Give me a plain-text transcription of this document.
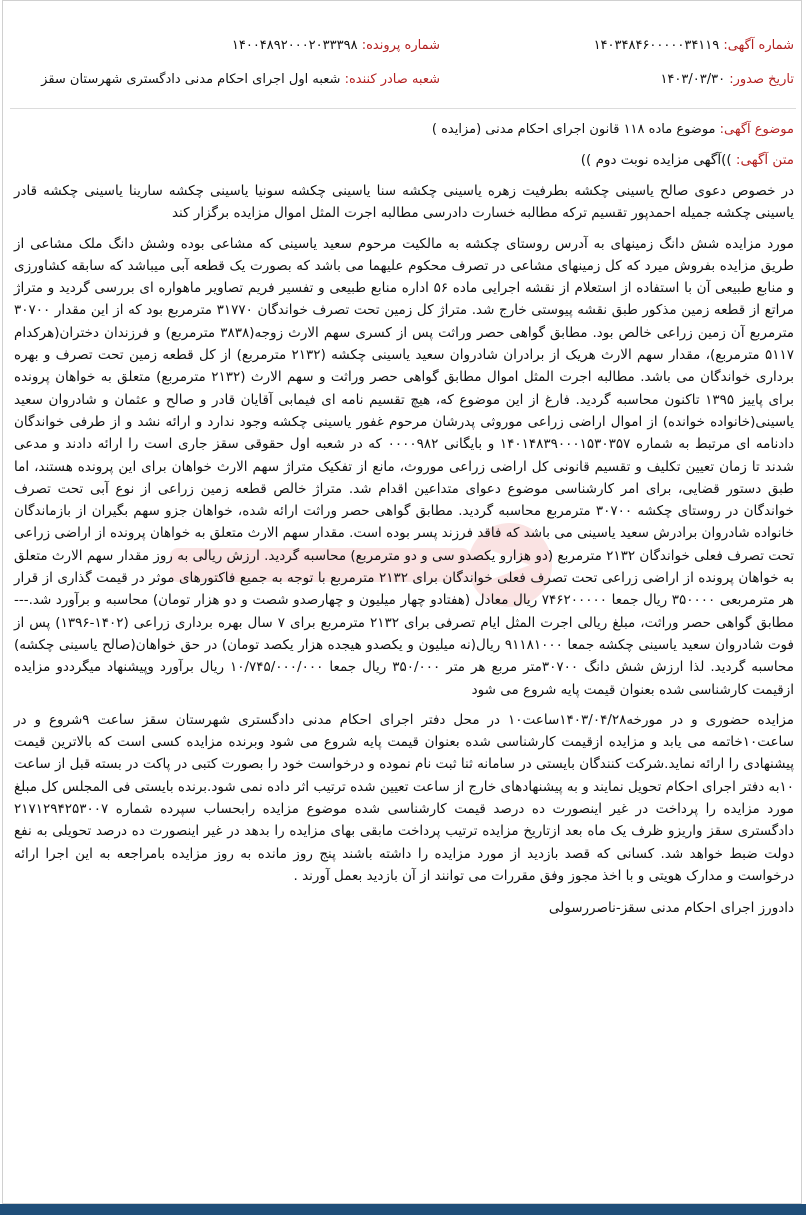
شماره آگهی: ۱۴۰۳۴۸۴۶۰۰۰۰۰۳۴۱۱۹
شماره پرونده: ۱۴۰۰۴۸۹۲۰۰۰۲۰۳۳۳۹۸
تاریخ صدور: ۱۴۰۳/۰۳/۳۰
شعبه صادر کننده: شعبه اول اجرای احکام مدنی دادگستری شهرستان سقز
موضوع آگهی: موضوع ماده ۱۱۸ قانون اجرای احکام مدنی (مزایده )
متن آگهی: ))آگهی مزایده نوبت دوم ))

در خصوص دعوی صالح یاسینی چکشه بطرفیت زهره یاسینی چکشه سنا یاسینی چکشه سونیا یاسینی چکشه سارینا یاسینی چکشه قادر یاسینی چکشه جمیله احمدپور تقسیم ترکه مطالبه خسارت دادرسی مطالبه اجرت المثل اموال مزایده برگزار کند

مورد مزایده شش دانگ زمینهای به آدرس روستای چکشه به مالکیت مرحوم سعید یاسینی که مشاعی بوده وشش دانگ ملک مشاعی از طریق مزایده بفروش میرد که کل زمینهای مشاعی در تصرف محکوم علیهما می باشد که بصورت یک قطعه آبی میباشد که سابقه کشاورزی و منابع طبیعی آن با استفاده از استعلام از نقشه اجرایی ماده ۵۶ اداره منابع طبیعی و تفسیر فریم تصاویر ماهواره ای بررسی گردید و متراژ مراتع از قطعه زمین مذکور طبق نقشه پیوستی خارج شد. متراژ کل زمین تحت تصرف خواندگان ۳۱۷۷۰ مترمربع بود که از این مقدار ۳۰۷۰۰ مترمربع آن زمین زراعی خالص بود. مطابق گواهی حصر وراثت پس از کسری سهم الارث زوجه(۳۸۳۸ مترمربع) و فرزندان دختران(هرکدام ۵۱۱۷ مترمربع)، مقدار سهم الارث هریک از برادران شادروان سعید یاسینی چکشه (۲۱۳۲ مترمربع) از کل قطعه زمین تحت تصرف و بهره برداری خواندگان می باشد. مطالبه اجرت المثل اموال مطابق گواهی حصر وراثت و سهم الارث (۲۱۳۲ مترمربع) متعلق به خواهان پرونده برای پاییز ۱۳۹۵ تاکنون محاسبه گردید. فارغ از این موضوع که، هیچ تقسیم نامه ای فیمابی آقایان قادر و صالح و عثمان و شادروان سعید یاسینی(خانواده خوانده) از اموال اراضی زراعی موروثی پدرشان مرحوم غفور یاسینی چکشه وجود ندارد و ارائه نشد و از طرفی خواندگان دادنامه ای مرتبط به شماره ۱۴۰۱۴۸۳۹۰۰۰۱۵۳۰۳۵۷ و بایگانی ۰۰۰۰۹۸۲ که در شعبه اول حقوقی سقز جاری است را ارائه دادند و مدعی شدند تا زمان تعیین تکلیف و تقسیم قانونی کل اراضی زراعی موروث، مانع از تفکیک متراژ سهم الارث خواهان برای این پرونده هستند، اما طبق دستور قضایی، برای امر کارشناسی موضوع دعوای متداعین اقدام شد. متراژ خالص قطعه زمین زراعی از نوع آبی تحت تصرف خواندگان در روستای چکشه ۳۰۷۰۰ مترمربع محاسبه گردید. مطابق گواهی حصر وراثت ارائه شده، خواهان جزو سهم بگیران از بازماندگان خانواده شادروان برادرش سعید یاسینی می باشد که فاقد فرزند پسر بوده است. مقدار سهم الارث متعلق به خواهان پرونده از اراضی زراعی تحت تصرف فعلی خواندگان ۲۱۳۲ مترمربع (دو هزارو یکصدو سی و دو مترمربع) محاسبه گردید. ارزش ریالی به روز مقدار سهم الارث متعلق به خواهان پرونده از اراضی زراعی تحت تصرف فعلی خواندگان برای ۲۱۳۲ مترمربع با توجه به جمیع فاکتورهای موثر در قیمت گذاری از قرار هر مترمربعی ۳۵۰۰۰۰ ریال جمعا ۷۴۶۲۰۰۰۰۰ ریال معادل (هفتادو چهار میلیون و چهارصدو شصت و دو هزار تومان) محاسبه و برآورد شد.--- مطابق گواهی حصر وراثت، مبلغ ریالی اجرت المثل ایام تصرفی برای ۲۱۳۲ مترمربع برای ۷ سال بهره برداری زراعی (۱۴۰۲-۱۳۹۶) پس از فوت شادروان سعید یاسینی چکشه جمعا ۹۱۱۸۱۰۰۰ ریال(نه میلیون و یکصدو هیجده هزار یکصد تومان) در حق خواهان(صالح یاسینی چکشه) محاسبه گردید. لذا ارزش شش دانگ ۳۰۷۰۰متر مربع هر متر ۳۵۰/۰۰۰ ریال جمعا ۱۰/۷۴۵/۰۰۰/۰۰۰ ریال برآورد وپیشنهاد میگرددو مزایده ازقیمت کارشناسی شده بعنوان قیمت پایه شروع می شود

مزایده حضوری و در مورخه۱۴۰۳/۰۴/۲۸ساعت۱۰ در محل دفتر اجرای احکام مدنی دادگستری شهرستان سقز ساعت ۹شروع و در ساعت۱۰خاتمه می یابد و مزایده ازقیمت کارشناسی شده بعنوان قیمت پایه شروع می شود وبرنده مزایده کسی است که بالاترین قیمت پیشنهادی را ارائه نماید.شرکت کنندگان بایستی در سامانه ثنا ثبت نام نموده و درخواست خود را بصورت کتبی در پاکت در بسته قبل از ساعت ۱۰به دفتر اجرای احکام تحویل نمایند و به پیشنهادهای خارج از ساعت تعیین شده ترتیب اثر داده نمی شود.برنده بایستی فی المجلس کل مبلغ مورد مزایده را پرداخت در غیر اینصورت ده درصد قیمت کارشناسی شده موضوع مزایده رابحساب سپرده شماره ۲۱۷۱۲۹۴۲۵۳۰۰۷ دادگستری سقز واریزو ظرف یک ماه بعد ازتاریخ مزایده ترتیب پرداخت مابقی بهای مزایده را بدهد در غیر اینصورت ده درصد تحویلی به نفع دولت ضبط خواهد شد. کسانی که قصد بازدید از مورد مزایده را داشته باشند پنج روز مانده به روز مزایده بامراجعه به این اجرا ارائه درخواست و مدارک هویتی و با اخذ مجوز وفق مقررات می توانند از آن بازدید بعمل آورند .

دادورز اجرای احکام مدنی سقز-ناصررسولی
